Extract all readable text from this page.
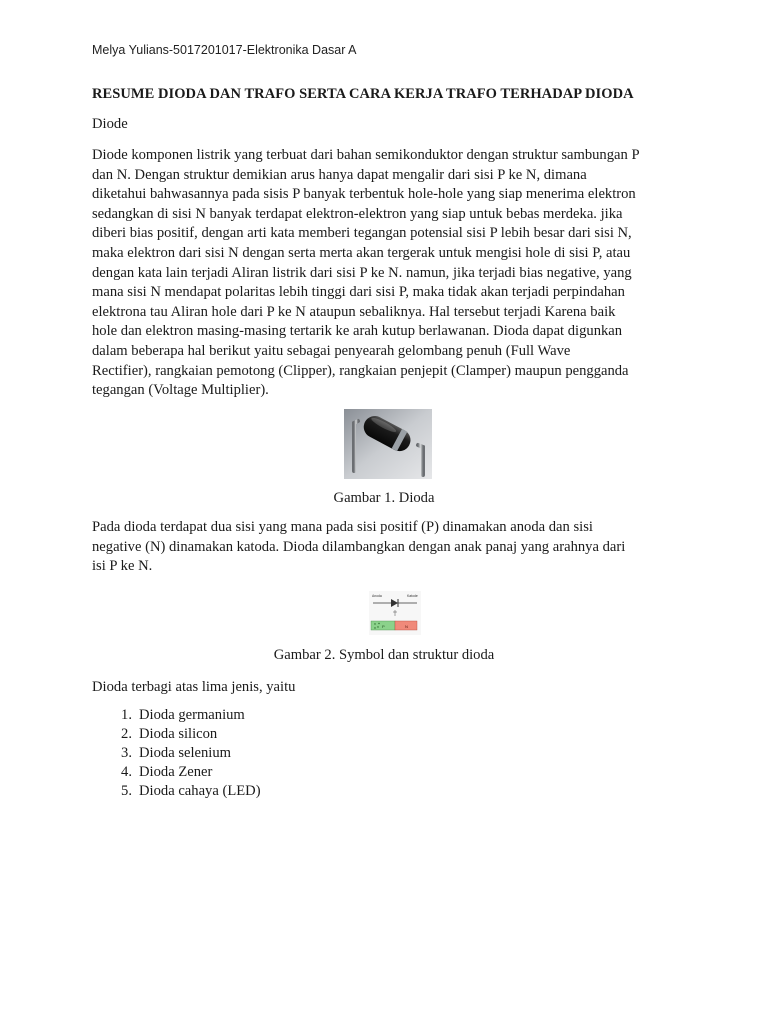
Melya Yulians-5017201017-Elektronika Dasar A
RESUME DIODA DAN TRAFO SERTA CARA KERJA TRAFO TERHADAP DIODA
Diode
Diode komponen listrik yang terbuat dari bahan semikonduktor dengan struktur sambungan P
dan N. Dengan struktur demikian arus hanya dapat mengalir dari sisi P ke N, dimana
diketahui bahwasannya pada sisis P banyak terbentuk hole-hole yang siap menerima elektron
sedangkan di sisi N banyak terdapat elektron-elektron yang siap untuk bebas merdeka. jika
diberi bias positif, dengan arti kata memberi tegangan potensial sisi P lebih besar dari sisi N,
maka elektron dari sisi N dengan serta merta akan tergerak untuk mengisi hole di sisi P, atau
dengan kata lain terjadi Aliran listrik dari sisi P ke N. namun, jika terjadi bias negative, yang
mana sisi N mendapat polaritas lebih tinggi dari sisi P, maka tidak akan terjadi perpindahan
elektrona tau Aliran hole dari P ke N ataupun sebaliknya. Hal tersebut terjadi Karena baik
hole dan elektron masing-masing tertarik ke arah kutup berlawanan. Dioda dapat digunkan
dalam beberapa hal berikut yaitu sebagai penyearah gelombang penuh (Full Wave
Rectifier), rangkaian pemotong (Clipper), rangkaian penjepit (Clamper) maupun pengganda
tegangan (Voltage Multiplier).
Gambar 1. Dioda
Pada dioda terdapat dua sisi yang mana pada sisi positif (P) dinamakan anoda dan sisi
negative (N) dinamakan katoda. Dioda dilambangkan dengan anak panaj yang arahnya dari
isi P ke N.
Anoda	Katode
P	N
Gambar 2. Symbol dan struktur dioda
Dioda terbagi atas lima jenis, yaitu
1. Dioda germanium
2. Dioda silicon
3. Dioda selenium
4. Dioda Zener
5. Dioda cahaya (LED)
